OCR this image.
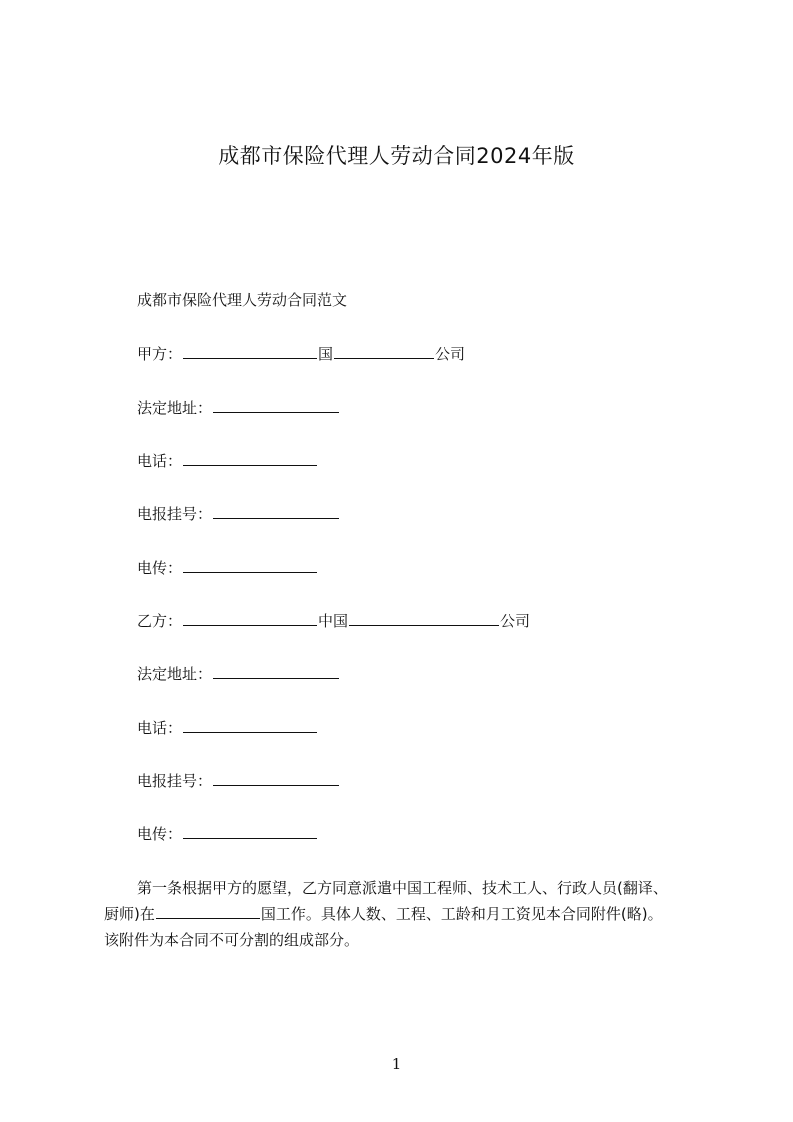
成都市保险代理人劳动合同2024年版
成都市保险代理人劳动合同范文
甲方：	国	公司
法定地址：
电话：
电报挂号：
电传：
乙方：	中国	公司
法定地址：
电话：
电报挂号：
电传：
第一条根据甲方的愿望，乙方同意派遣中国工程师、技术工人、行政人员(翻译、
厨师)在	国工作。具体人数、工程、工龄和月工资见本合同附件(略)。
该附件为本合同不可分割的组成部分。
1
